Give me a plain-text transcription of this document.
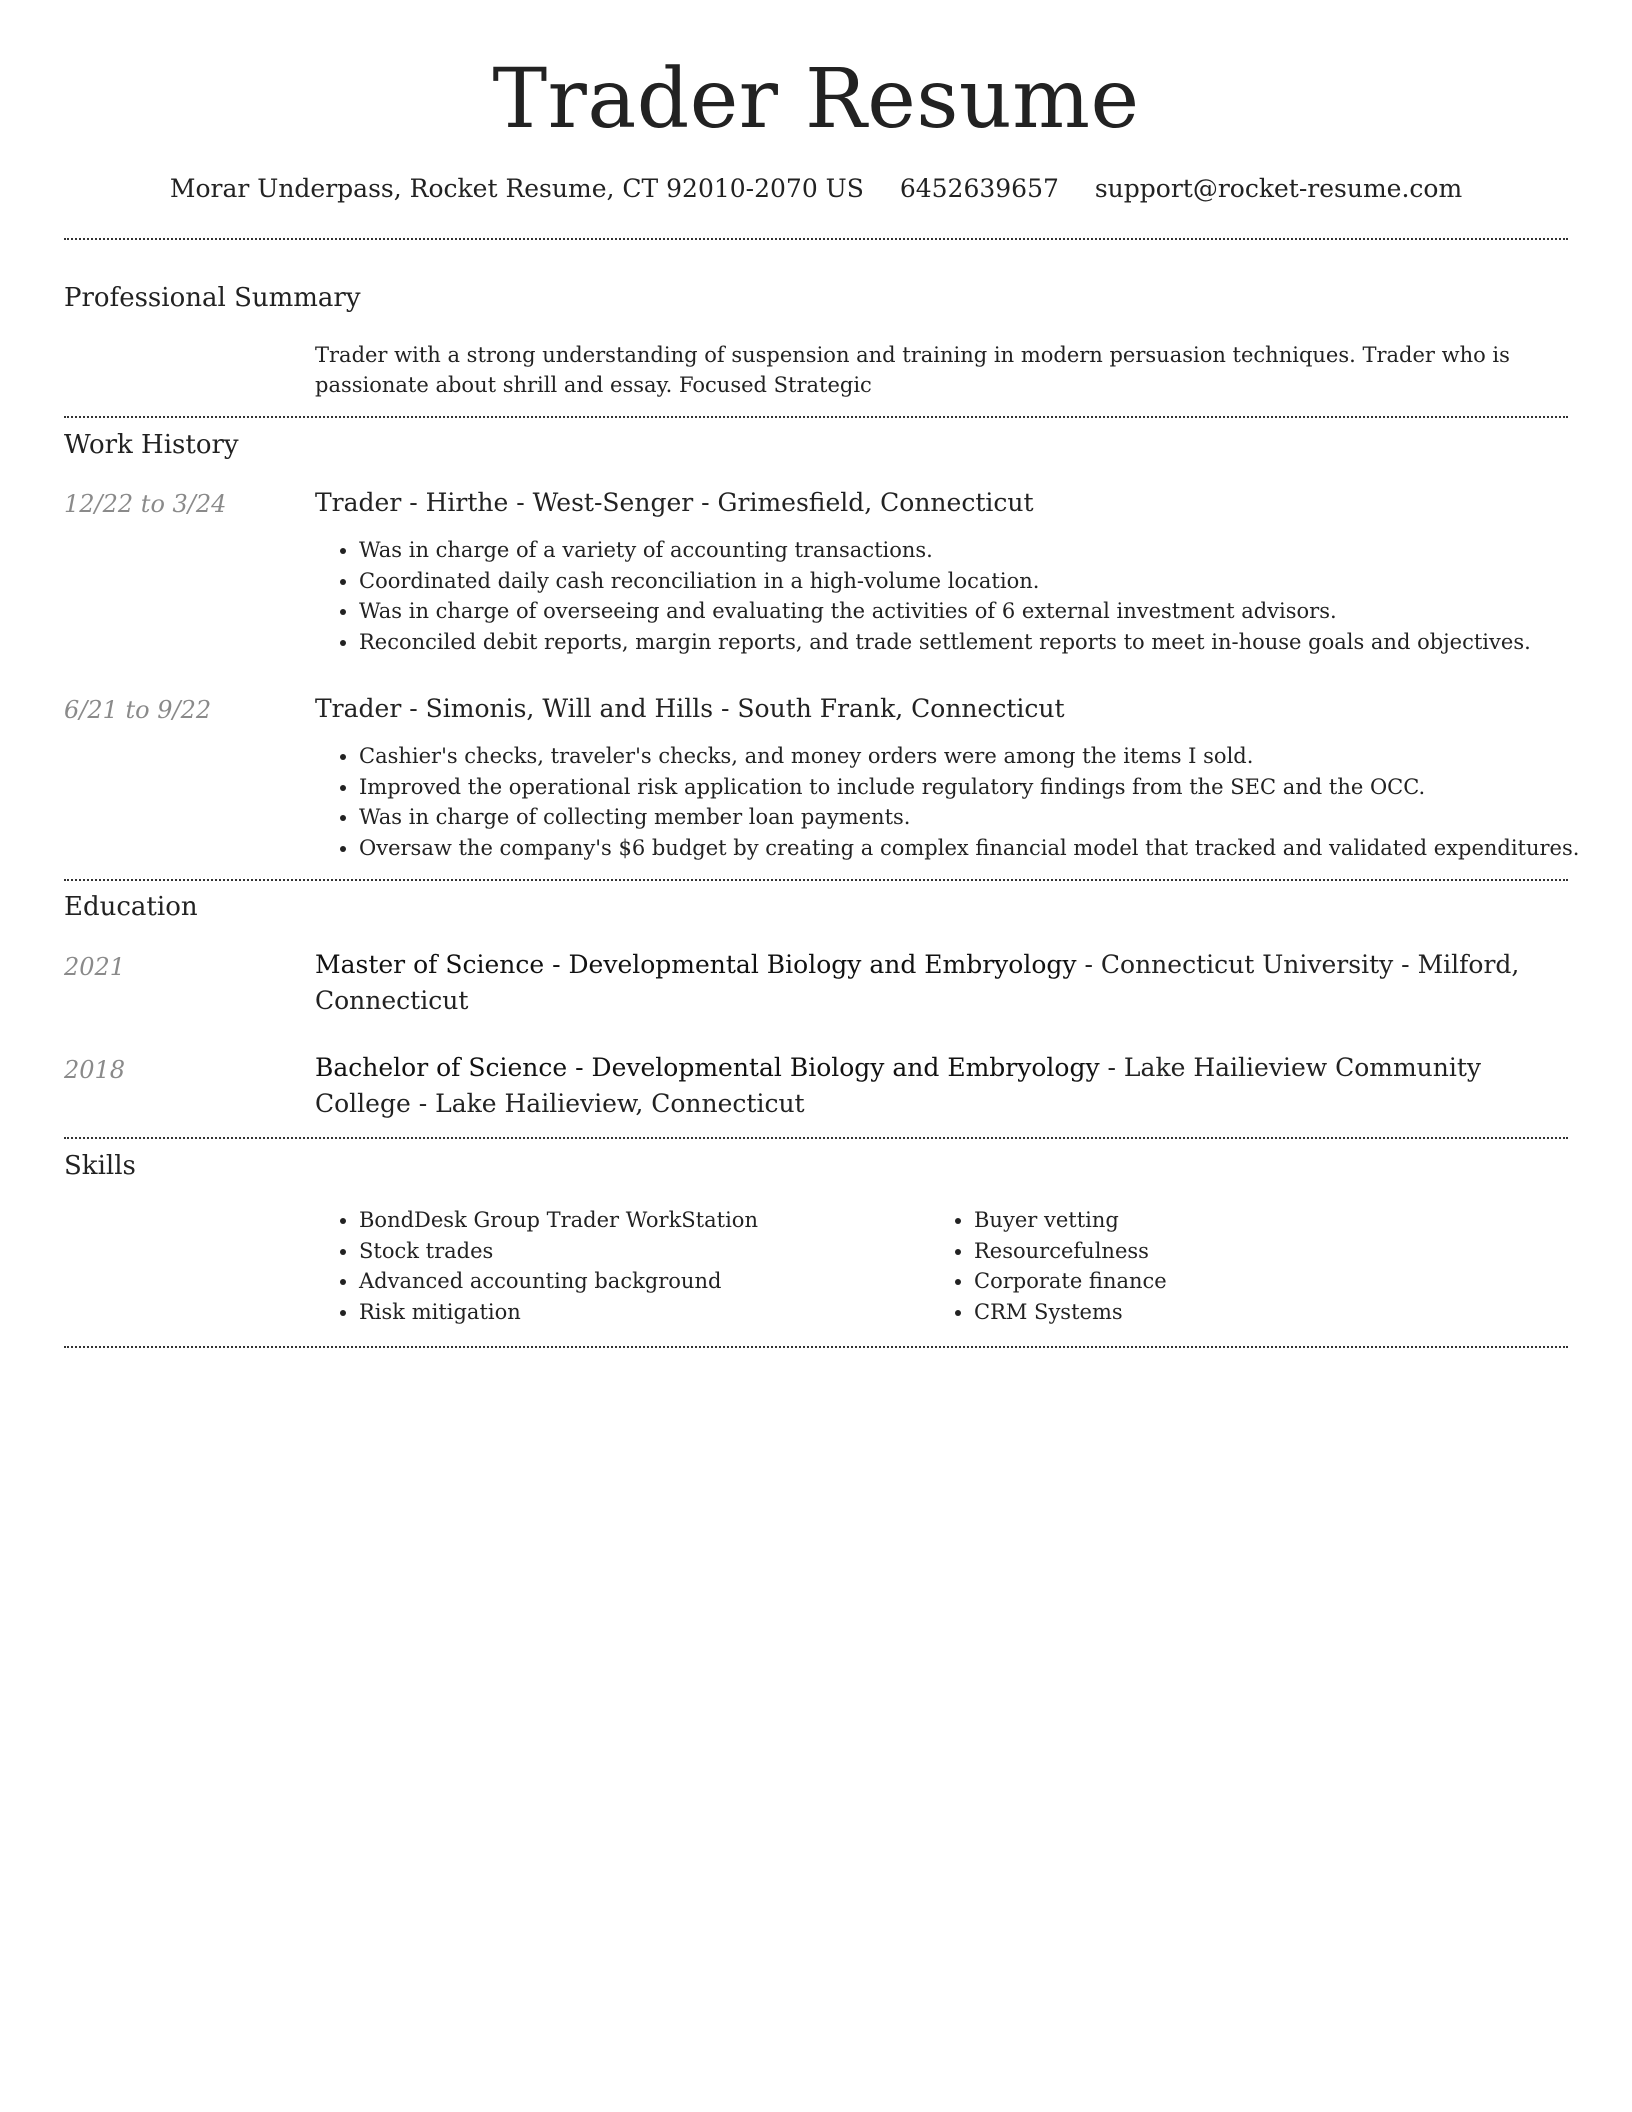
Trader Resume
Morar Underpass, Rocket Resume, CT 92010-2070 US 6452639657 support@rocket-resume.com
Professional Summary
Trader with a strong understanding of suspension and training in modern persuasion techniques. Trader who is passionate about shrill and essay. Focused Strategic
Work History
12/22 to 3/24	Trader - Hirthe - West-Senger - Grimesfield, Connecticut
• Was in charge of a variety of accounting transactions.
• Coordinated daily cash reconciliation in a high-volume location.
• Was in charge of overseeing and evaluating the activities of 6 external investment advisors.
• Reconciled debit reports, margin reports, and trade settlement reports to meet in-house goals and objectives.
6/21 to 9/22	Trader - Simonis, Will and Hills - South Frank, Connecticut
• Cashier's checks, traveler's checks, and money orders were among the items I sold.
• Improved the operational risk application to include regulatory findings from the SEC and the OCC.
• Was in charge of collecting member loan payments.
• Oversaw the company's $6 budget by creating a complex financial model that tracked and validated expenditures.
Education
2021	Master of Science - Developmental Biology and Embryology - Connecticut University - Milford, Connecticut
2018	Bachelor of Science - Developmental Biology and Embryology - Lake Hailieview Community College - Lake Hailieview, Connecticut
Skills
• BondDesk Group Trader WorkStation
• Stock trades
• Advanced accounting background
• Risk mitigation
• Buyer vetting
• Resourcefulness
• Corporate finance
• CRM Systems
